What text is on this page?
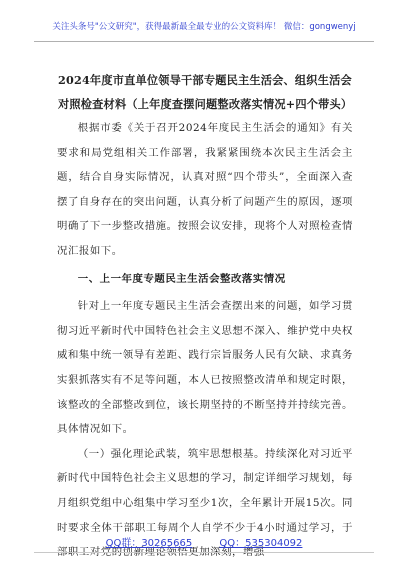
关注头条号"公文研究"，获得最新最全最专业的公文资料库！ 微信：gongwenyj
2024年度市直单位领导干部专题民主生活会、组织生活会对照检查材料（上年度查摆问题整改落实情况+四个带头）

根据市委《关于召开2024年度民主生活会的通知》有关要求和局党组相关工作部署，我紧紧围绕本次民主生活会主题，结合自身实际情况，认真对照“四个带头”，全面深入查摆了自身存在的突出问题，认真分析了问题产生的原因，逐项明确了下一步整改措施。按照会议安排，现将个人对照检查情况汇报如下。

一、上一年度专题民主生活会整改落实情况

针对上一年度专题民主生活会查摆出来的问题，如学习贯彻习近平新时代中国特色社会主义思想不深入、维护党中央权威和集中统一领导有差距、践行宗旨服务人民有欠缺、求真务实狠抓落实有不足等问题，本人已按照整改清单和规定时限，该整改的全部整改到位，该长期坚持的不断坚持并持续完善。具体情况如下。

（一）强化理论武装，筑牢思想根基。持续深化对习近平新时代中国特色社会主义思想的学习，制定详细学习规划，每月组织党组中心组集中学习至少1次，全年累计开展15次。同时要求全体干部职工每周个人自学不少于4小时通过学习，于部职工对党的创新理论领悟更加深刻，增强

QQ群：30265665	QQ：535304092
